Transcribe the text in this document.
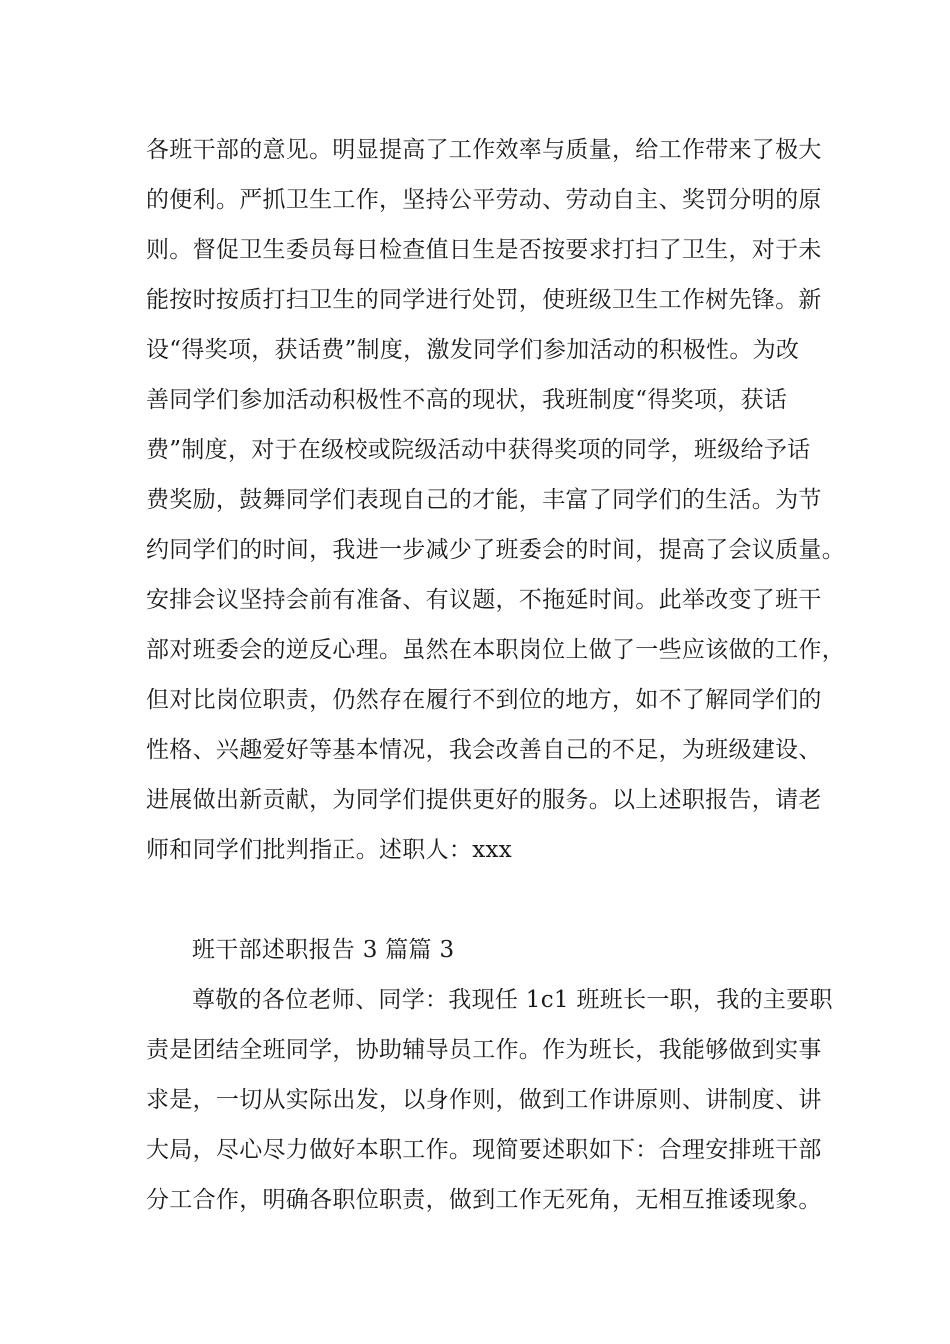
各班干部的意见。明显提高了工作效率与质量，给工作带来了极大
的便利。严抓卫生工作，坚持公平劳动、劳动自主、奖罚分明的原
则。督促卫生委员每日检查值日生是否按要求打扫了卫生，对于未
能按时按质打扫卫生的同学进行处罚，使班级卫生工作树先锋。新
设“得奖项，获话费”制度，激发同学们参加活动的积极性。为改
善同学们参加活动积极性不高的现状，我班制度“得奖项，获话
费”制度，对于在级校或院级活动中获得奖项的同学，班级给予话
费奖励，鼓舞同学们表现自己的才能，丰富了同学们的生活。为节
约同学们的时间，我进一步减少了班委会的时间，提高了会议质量。
安排会议坚持会前有准备、有议题，不拖延时间。此举改变了班干
部对班委会的逆反心理。虽然在本职岗位上做了一些应该做的工作，
但对比岗位职责，仍然存在履行不到位的地方，如不了解同学们的
性格、兴趣爱好等基本情况，我会改善自己的不足，为班级建设、
进展做出新贡献，为同学们提供更好的服务。以上述职报告，请老
师和同学们批判指正。述职人：xxx
班干部述职报告 3 篇篇 3
尊敬的各位老师、同学：我现任 1c1 班班长一职，我的主要职
责是团结全班同学，协助辅导员工作。作为班长，我能够做到实事
求是，一切从实际出发，以身作则，做到工作讲原则、讲制度、讲
大局，尽心尽力做好本职工作。现简要述职如下：合理安排班干部
分工合作，明确各职位职责，做到工作无死角，无相互推诿现象。
